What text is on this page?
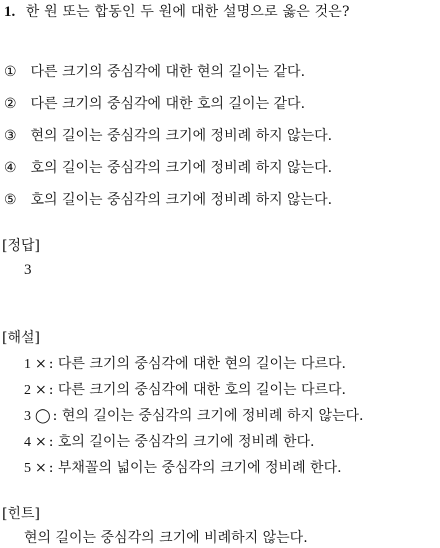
1. 한 원 또는 합동인 두 원에 대한 설명으로 옳은 것은?
① 다른 크기의 중심각에 대한 현의 길이는 같다.
② 다른 크기의 중심각에 대한 호의 길이는 같다.
③ 현의 길이는 중심각의 크기에 정비례 하지 않는다.
④ 호의 길이는 중심각의 크기에 정비례 하지 않는다.
⑤ 호의 길이는 중심각의 크기에 정비례 하지 않는다.
[정답]
3
[해설]
1 × : 다른 크기의 중심각에 대한 현의 길이는 다르다.
2 × : 다른 크기의 중심각에 대한 호의 길이는 다르다.
3 ◯ : 현의 길이는 중심각의 크기에 정비례 하지 않는다.
4 × : 호의 길이는 중심각의 크기에 정비례 한다.
5 × : 부채꼴의 넓이는 중심각의 크기에 정비례 한다.
[힌트]
현의 길이는 중심각의 크기에 비례하지 않는다.
